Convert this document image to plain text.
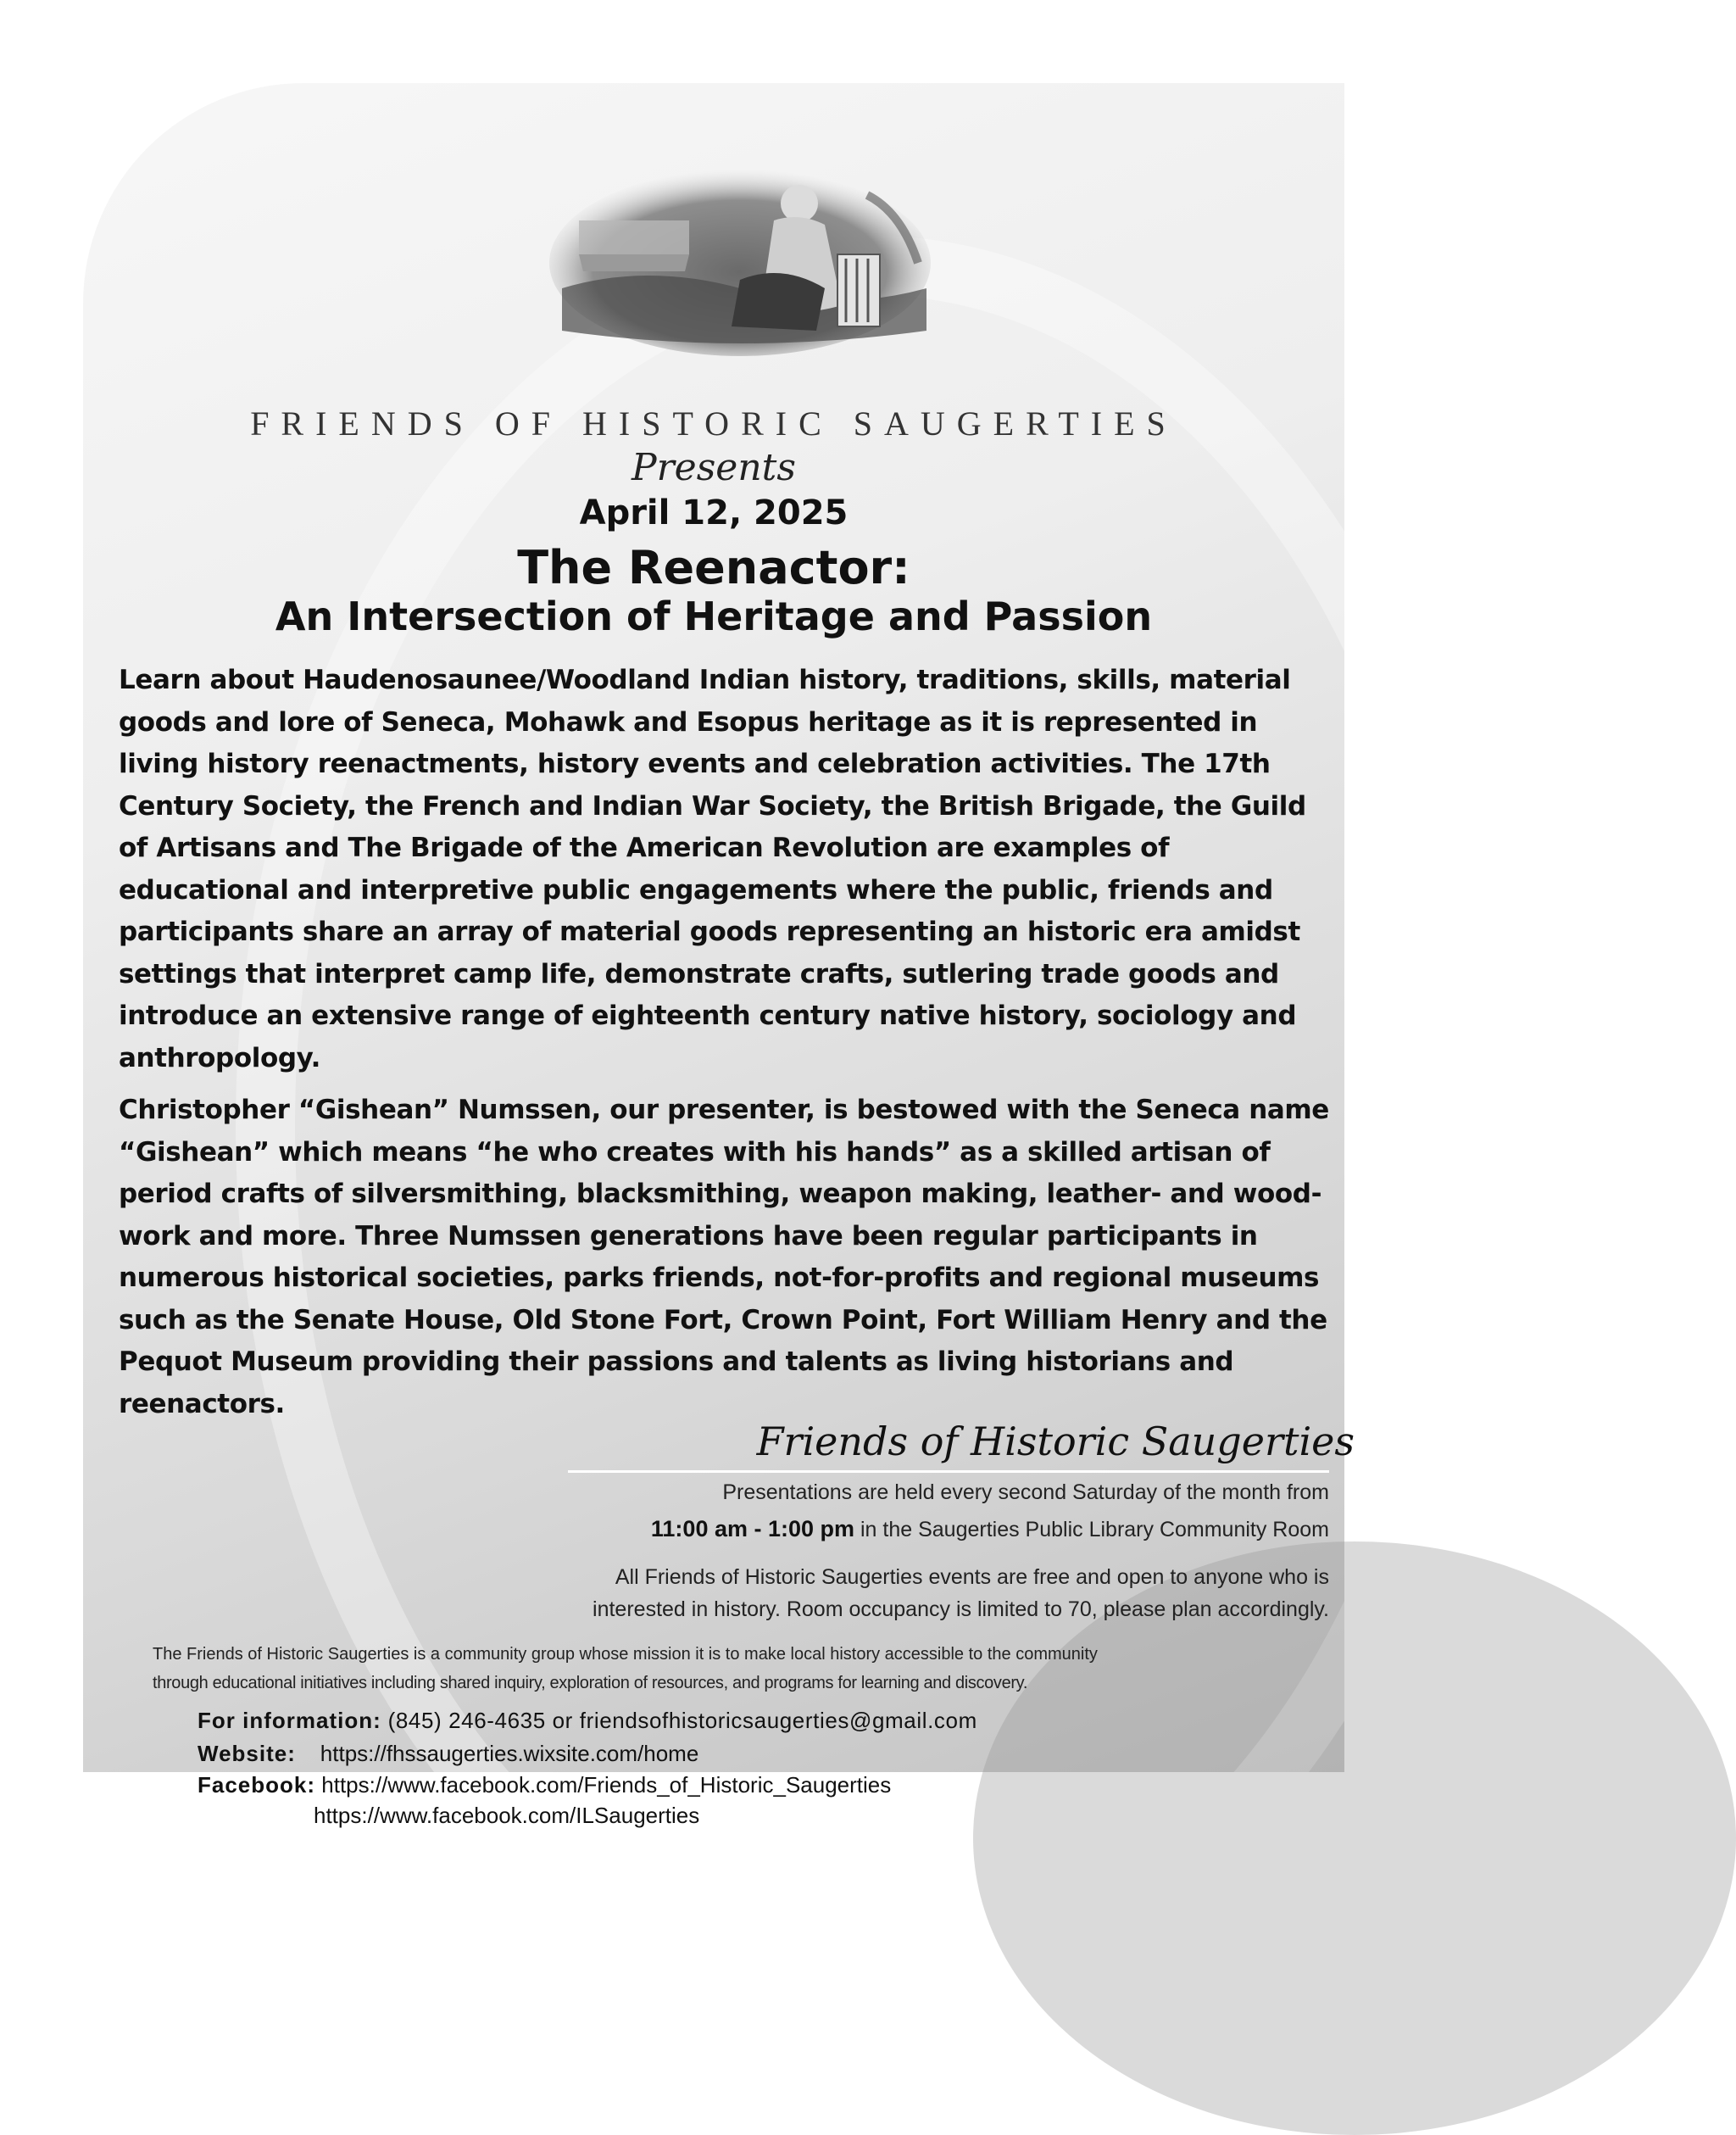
FRIENDS OF HISTORIC SAUGERTIES
Presents
April 12, 2025
The Reenactor:
An Intersection of Heritage and Passion

Learn about Haudenosaunee/Woodland Indian history, traditions, skills, material goods and lore of Seneca, Mohawk and Esopus heritage as it is represented in living history reenactments, history events and celebration activities. The 17th Century Society, the French and Indian War Society, the British Brigade, the Guild of Artisans and The Brigade of the American Revolution are examples of educational and interpretive public engagements where the public, friends and participants share an array of material goods representing an historic era amidst settings that interpret camp life, demonstrate crafts, sutlering trade goods and introduce an extensive range of eighteenth century native history, sociology and anthropology.

Christopher “Gishean” Numssen, our presenter, is bestowed with the Seneca name “Gishean” which means “he who creates with his hands” as a skilled artisan of period crafts of silversmithing, blacksmithing, weapon making, leather- and wood-work and more. Three Numssen generations have been regular participants in numerous historical societies, parks friends, not-for-profits and regional museums such as the Senate House, Old Stone Fort, Crown Point, Fort William Henry and the Pequot Museum providing their passions and talents as living historians and reenactors.

Friends of Historic Saugerties
Presentations are held every second Saturday of the month from
11:00 am - 1:00 pm in the Saugerties Public Library Community Room
All Friends of Historic Saugerties events are free and open to anyone who is
interested in history. Room occupancy is limited to 70, please plan accordingly.
The Friends of Historic Saugerties is a community group whose mission it is to make local history accessible to the community
through educational initiatives including shared inquiry, exploration of resources, and programs for learning and discovery.
For information: (845) 246-4635 or friendsofhistoricsaugerties@gmail.com
Website: https://fhssaugerties.wixsite.com/home
Facebook: https://www.facebook.com/Friends_of_Historic_Saugerties
https://www.facebook.com/ILSaugerties
